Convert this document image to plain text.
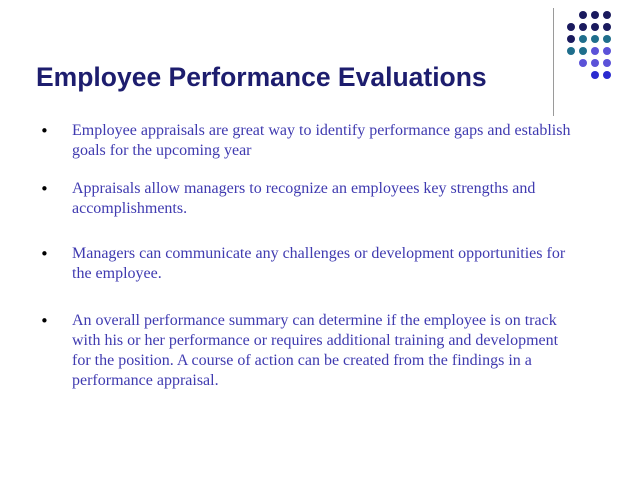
Employee Performance Evaluations
• Employee appraisals are great way to identify performance gaps and establish goals for the upcoming year
• Appraisals allow managers to recognize an employees key strengths and accomplishments.
• Managers can communicate any challenges or development opportunities for the employee.
• An overall performance summary can determine if the employee is on track with his or her performance or requires additional training and development for the position. A course of action can be created from the findings in a performance appraisal.
